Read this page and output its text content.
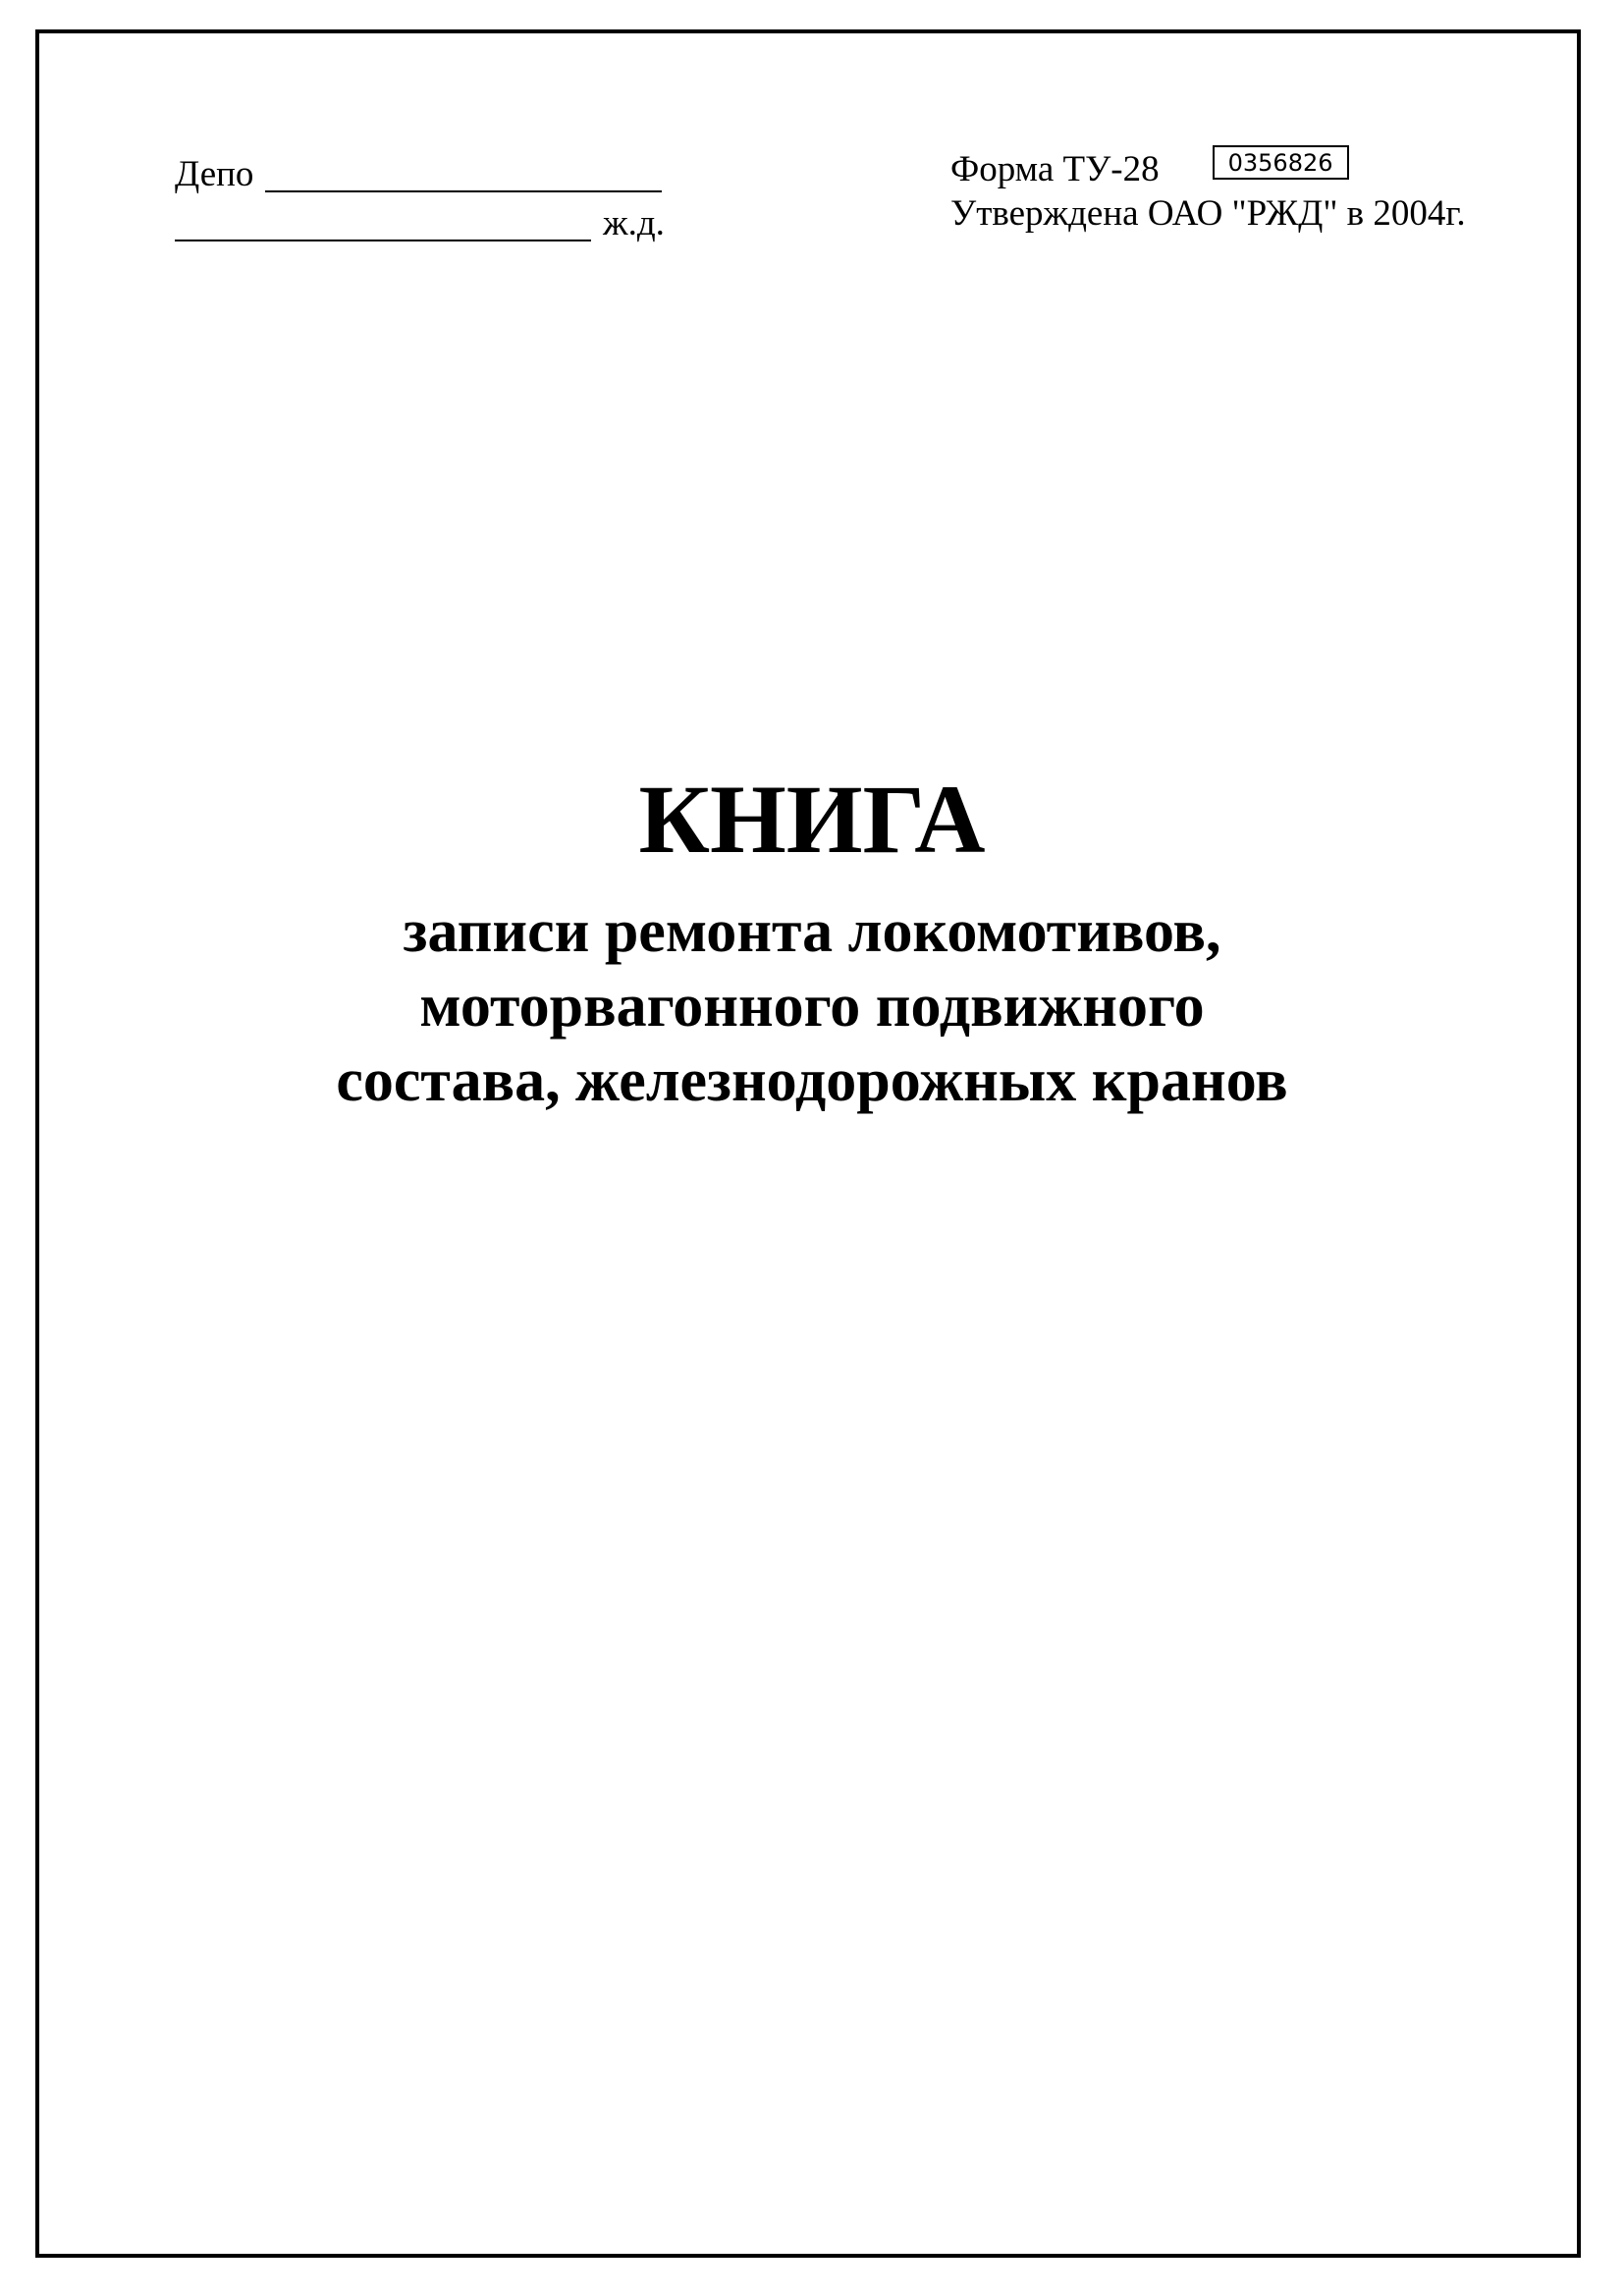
Депо
ж.д.
Форма ТУ-28	0356826
Утверждена ОАО "РЖД" в 2004г.
КНИГА
записи ремонта локомотивов,
моторвагонного подвижного
состава, железнодорожных кранов
